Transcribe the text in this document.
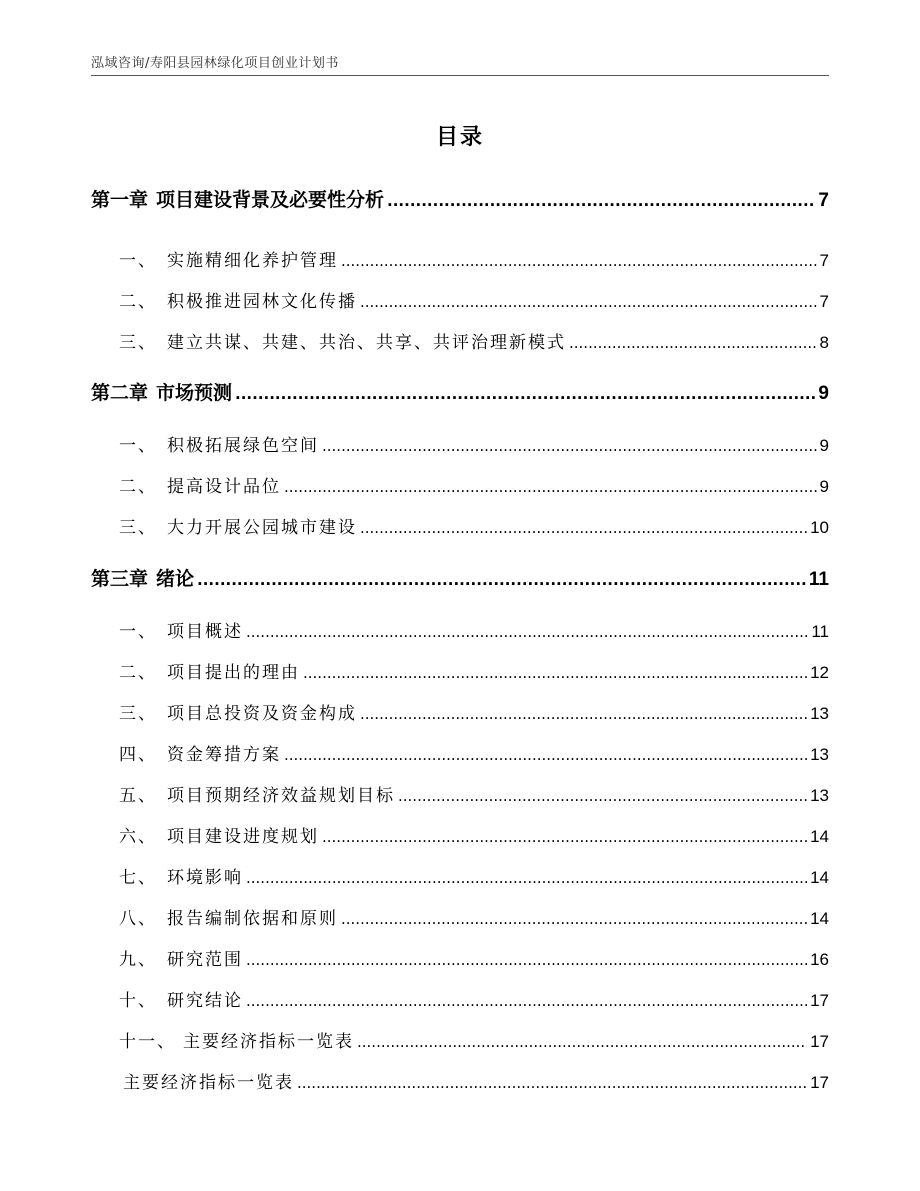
泓域咨询/寿阳县园林绿化项目创业计划书
目录
第一章 项目建设背景及必要性分析 .....	7
一、 实施精细化养护管理 .....	7
二、 积极推进园林文化传播 .....	7
三、 建立共谋、共建、共治、共享、共评治理新模式 .....	8
第二章 市场预测 .....	9
一、 积极拓展绿色空间 .....	9
二、 提高设计品位 .....	9
三、 大力开展公园城市建设 .....	10
第三章 绪论 .....	11
一、 项目概述 .....	11
二、 项目提出的理由 .....	12
三、 项目总投资及资金构成 .....	13
四、 资金筹措方案 .....	13
五、 项目预期经济效益规划目标 .....	13
六、 项目建设进度规划 .....	14
七、 环境影响 .....	14
八、 报告编制依据和原则 .....	14
九、 研究范围 .....	16
十、 研究结论 .....	17
十一、 主要经济指标一览表 .....	17
主要经济指标一览表 .....	17
